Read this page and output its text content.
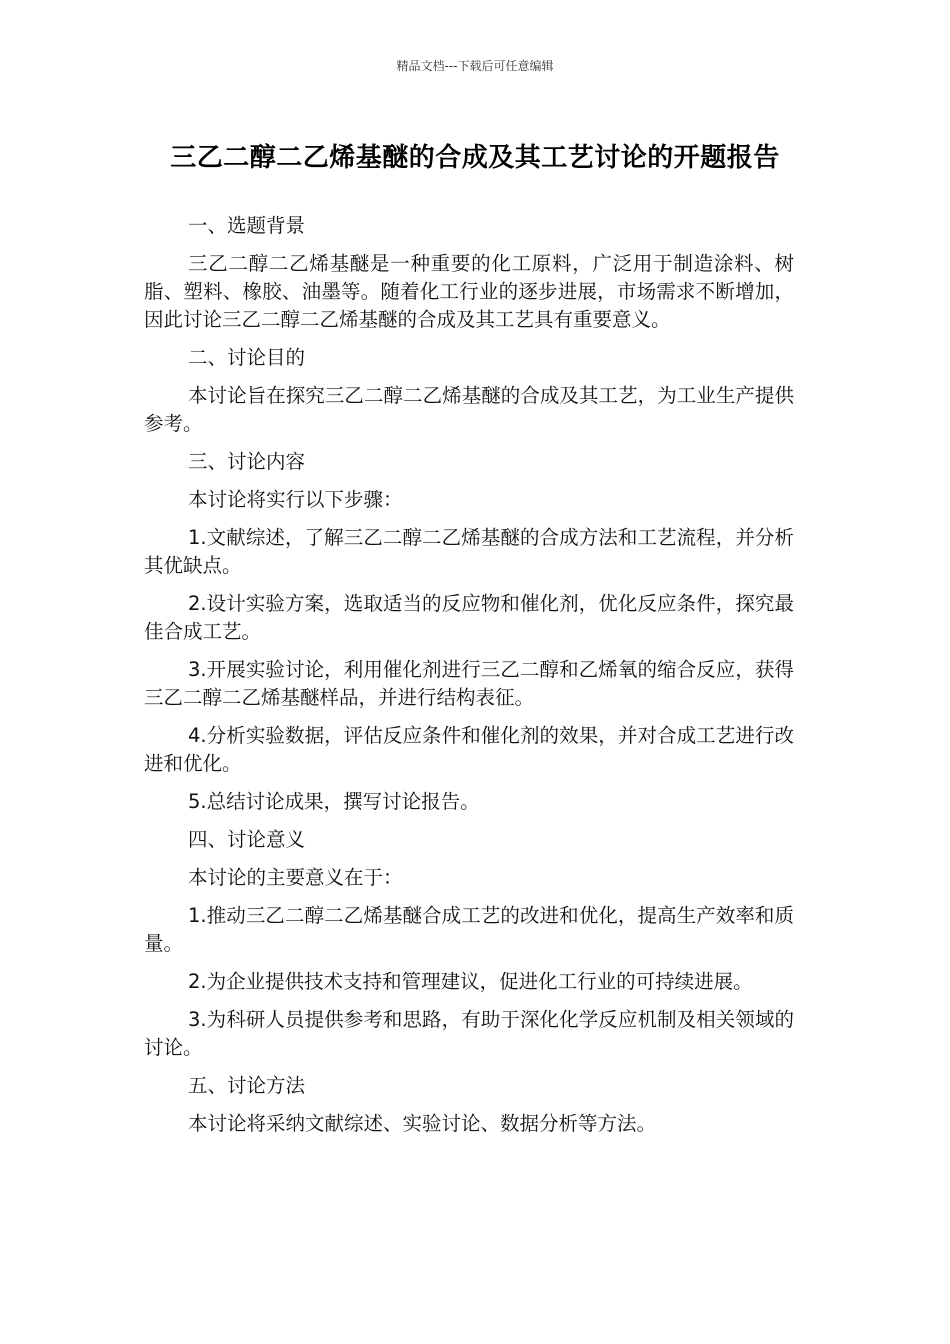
精品文档---下载后可任意编辑
三乙二醇二乙烯基醚的合成及其工艺讨论的开题报告
一、选题背景
三乙二醇二乙烯基醚是一种重要的化工原料，广泛用于制造涂料、树脂、塑料、橡胶、油墨等。随着化工行业的逐步进展，市场需求不断增加，因此讨论三乙二醇二乙烯基醚的合成及其工艺具有重要意义。
二、讨论目的
本讨论旨在探究三乙二醇二乙烯基醚的合成及其工艺，为工业生产提供参考。
三、讨论内容
本讨论将实行以下步骤：
1.文献综述，了解三乙二醇二乙烯基醚的合成方法和工艺流程，并分析其优缺点。
2.设计实验方案，选取适当的反应物和催化剂，优化反应条件，探究最佳合成工艺。
3.开展实验讨论，利用催化剂进行三乙二醇和乙烯氧的缩合反应，获得三乙二醇二乙烯基醚样品，并进行结构表征。
4.分析实验数据，评估反应条件和催化剂的效果，并对合成工艺进行改进和优化。
5.总结讨论成果，撰写讨论报告。
四、讨论意义
本讨论的主要意义在于：
1.推动三乙二醇二乙烯基醚合成工艺的改进和优化，提高生产效率和质量。
2.为企业提供技术支持和管理建议，促进化工行业的可持续进展。
3.为科研人员提供参考和思路，有助于深化化学反应机制及相关领域的讨论。
五、讨论方法
本讨论将采纳文献综述、实验讨论、数据分析等方法。
